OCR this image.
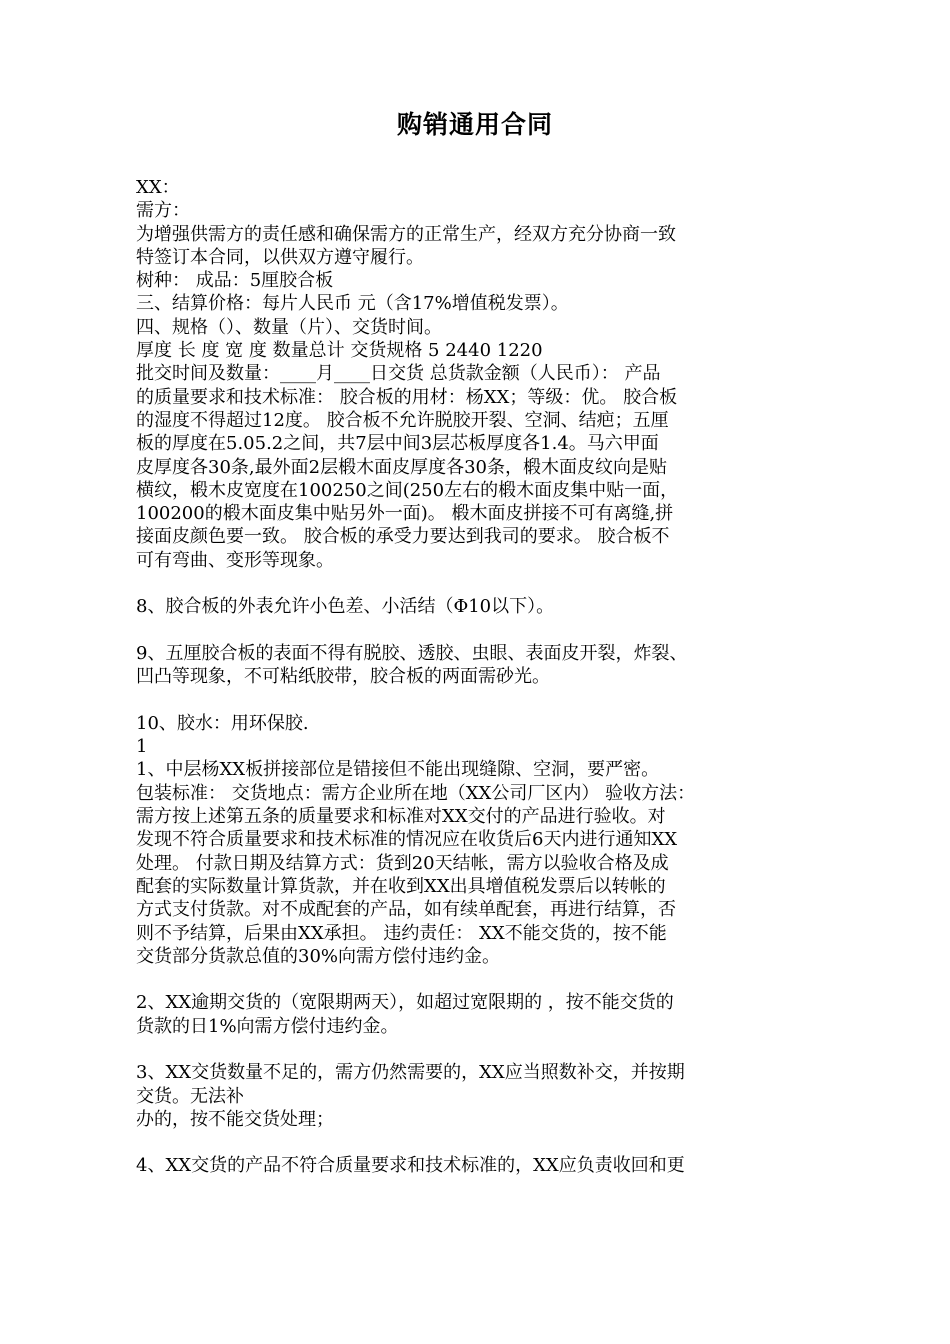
购销通用合同
XX：
需方：
为增强供需方的责任感和确保需方的正常生产，经双方充分协商一致
特签订本合同，以供双方遵守履行。
树种： 成品：5厘胶合板
三、结算价格：每片人民币 元（含17%增值税发票）。
四、规格（）、数量（片）、交货时间。
厚度 长 度 宽 度 数量总计 交货规格 5 2440 1220
批交时间及数量：____月____日交货 总货款金额（人民币）： 产品
的质量要求和技术标准： 胶合板的用材：杨XX；等级：优。 胶合板
的湿度不得超过12度。 胶合板不允许脱胶开裂、空洞、结疤；五厘
板的厚度在5.05.2之间，共7层中间3层芯板厚度各1.4。马六甲面
皮厚度各30条,最外面2层椴木面皮厚度各30条，椴木面皮纹向是贴
横纹，椴木皮宽度在100250之间(250左右的椴木面皮集中贴一面，
100200的椴木面皮集中贴另外一面)。 椴木面皮拼接不可有离缝,拼
接面皮颜色要一致。 胶合板的承受力要达到我司的要求。 胶合板不
可有弯曲、变形等现象。
8、胶合板的外表允许小色差、小活结（Φ10以下）。
9、五厘胶合板的表面不得有脱胶、透胶、虫眼、表面皮开裂，炸裂、
凹凸等现象，不可粘纸胶带，胶合板的两面需砂光。
10、胶水：用环保胶.
1
1、中层杨XX板拼接部位是错接但不能出现缝隙、空洞，要严密。
包装标准： 交货地点：需方企业所在地（XX公司厂区内） 验收方法：
需方按上述第五条的质量要求和标准对XX交付的产品进行验收。对
发现不符合质量要求和技术标准的情况应在收货后6天内进行通知XX
处理。 付款日期及结算方式：货到20天结帐，需方以验收合格及成
配套的实际数量计算货款，并在收到XX出具增值税发票后以转帐的
方式支付货款。对不成配套的产品，如有续单配套，再进行结算，否
则不予结算，后果由XX承担。 违约责任： XX不能交货的，按不能
交货部分货款总值的30%向需方偿付违约金。
2、XX逾期交货的（宽限期两天），如超过宽限期的 ，按不能交货的
货款的日1%向需方偿付违约金。
3、XX交货数量不足的，需方仍然需要的，XX应当照数补交，并按期
交货。无法补
办的，按不能交货处理；
4、XX交货的产品不符合质量要求和技术标准的，XX应负责收回和更
